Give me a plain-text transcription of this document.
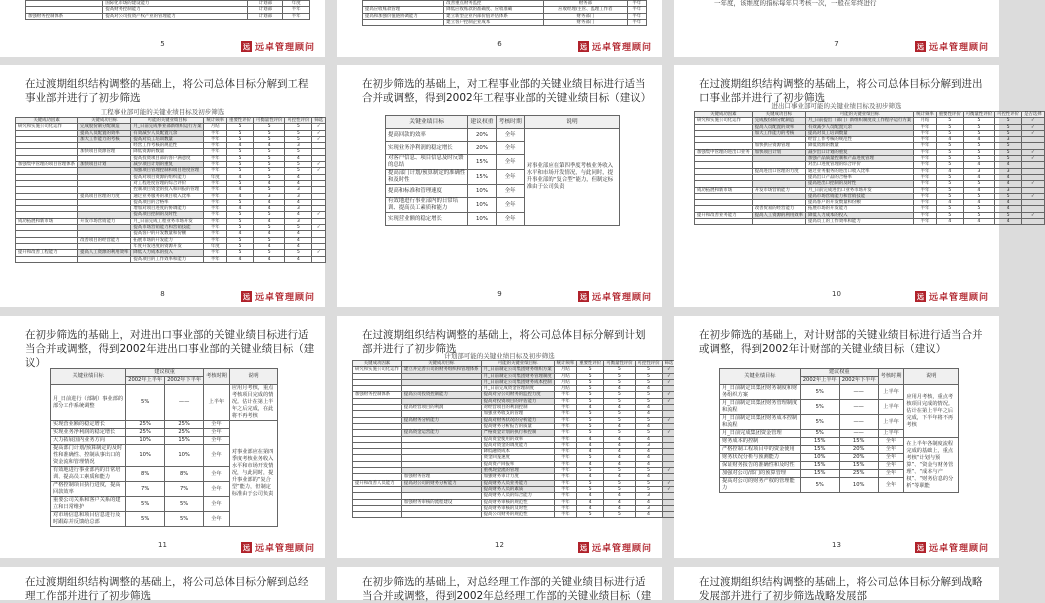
	国际化市场的建设能力	计划部	年度
	提高财务控制能力	计划部	半年
加强财务控制体系	提高对公司投资产权产业的管理能力	计划部	半年
5	远 远卓管理顾问
	改善重点财务监控	财务部	半年
提高应收账款管理	降低应收账款的准确度、应收准确	应收经理/主管、监理工作者	半年
提高和加强价值链协调能力	建立新型企业内部价值评估体系	财务部门	半年
	建立客户控制企业成本	财务部门	半年
6	远 远卓管理顾问
一年度，该维度的指标每年只考核一次，一般在年终进行
7	远 远卓管理顾问
在过渡期组织结构调整的基础上，将公司总体目标分解到工程事业部并进行了初步筛选
工程事业部可能的关键业绩目标及初步筛选
关键成功因素	关键成功目标	可能的关键业绩目标	统计频率	重要性评价	可衡量性评价	可控性评价	筛选
研究和实施公司化运作	完成股份制分配制造	月_日前完成事业部新组织运行方案	月结	5	5	5	✓
	提高人员配置的效率	有效减少人员配置冗余	半年	5	5	5	✓
	加大工作能力的考核	提高对员工培训数量	半年	5	5	5	✓
		经营工作考核的规范性	半年	4	4	3	
	加快项目资源管理	降低资源的数量	半年	5	5	5	
		提高投资项目部的客户满意度	半年	5	5	4	
加强集中管理的项目管理体系	加快项目计划	减少项目计划的重复	半年	5	5	5	✓
		加强项目管理控制和项目进度管理	半年	5	5	5	✓
		提高对项目资源的组织能力	年度	4	5	4	
		对工程进度管理的综合评价	半年	5	4	4	
		控制项目资金的投入和回报的管理	半年	4	5	3	
	提高项目管理的力度	通过业务服务的项目收入比率	半年	4	3	3	
		提高项目的合格率	半年	5	4	4	
		增加对项目进度的协调能力	半年	4	4	3	
		提高项目控制的及时性	半年	5	5	4	✓
成功拓展和新市场	开发市场营销能力	月_日前完成工程业务市场开发	半年	5	4	3	
		提高市场营销能力和营销技能	半年	5	5	5	✓
		提高客户的开发数量和份额	半年	4	4	4	
	改善项目的经营能力	拓展市场的开发能力	半年	5	5	4	
		年度开发进度的资源开发	年度	5	4	4	
提升和改善工程能力	提高人工资源的利用效率	降低人力成本的投入	半年	5	5	5	✓
		提高项目的工作效率和能力	半年	4	4	4	
8	远 远卓管理顾问
在初步筛选的基础上，对工程事业部的关键业绩目标进行适当合并或调整，得到2002年工程事业部的关键业绩目标（建议）
关键业绩目标	建议权重	考核时期	说明
提高回款的效率	20%	全年	对事业部应在第四季度考核业务收入水平和市场开发情况，与此同时，提升事业部的“复合型”能力，但制定标准由于公司负责
实现业务净利润的稳定增长	20%	全年	
对客户信息、项目信息及时反馈的总结	15%	全年	
提高部门计划/预算制定的准确性和及时性	15%	全年	
提高和标准和管理速度	10%	全年	
有效地进行事业部内的日常培训、提高员工素质和能力	10%	全年	
实现营业额的稳定增长	10%	全年	
9	远 远卓管理顾问
在过渡期组织结构调整的基础上，将公司总体目标分解到进出口事业部并进行了初步筛选
进出口事业部可能的关键业绩目标及初步筛选
关键成功因素	关键成功目标	可能的关键业绩目标	统计频率	重要性评价	可衡量性评价	可控性评价	是否选择
研究和实施公司化运作	完成股份制分配制造	月_日前提出（部门）新组织制度及工作程序运行方案	月结	5	5	5	✓
	提高人员配置的效率	有效减少人员配置冗余	半年	5	5	5	✓
	加大工作能力的考核	提高对员工培训数量	半年	5	5	5	✓
		经营工作考核的规范性	半年	4	4	3	
	加快供应资源管理	降低资源的数量	半年	5	5	5	
加强集中管理的进出口业务	加快项目计划	减少出口计划的重复	半年	5	5	5	✓
		加强产品质量控制和产品进度管理	半年	5	5	5	✓
		对出口进度管理的综合评价	半年	5	4	4	
	提高进出口管理的力度	通过业务服务的进出口收入比率	半年	4	3	3	
		提高出口产品的合格率	半年	5	4	4	
		提高进出口控制的及时性	半年	5	5	4	✓
成功拓展和新市场	开发市场营销能力	月_日前完成进出口业务市场开发	半年	5	4	3	
		提高市场营销能力和营销技能	半年	5	5	5	✓
		提高客户的开发数量和份额	半年	4	4	4	
	改善贸易的经营能力	拓展市场的开发能力	半年	5	5	4	
提升和改善业务能力	提高人工资源的利用效率	降低人力成本的投入	半年	5	5	5	✓
		提高员工的工作效率和能力	半年	4	4	4	
10	远 远卓管理顾问
在初步筛选的基础上，对进出口事业部的关键业绩目标进行适当合并或调整，得到2002年进出口事业部的关键业绩目标（建议）
关键业绩目标	建议权重		考核时期	说明
	2002年上半年	2002年下半年		
月_日前进行（部制）事业部的部分工作系统调整	5%	——	上半年	应用月考核，重点考核项目完成的情况。估计在第上半年之后完成，在此将不再考核
实现营业额的稳定增长	25%	25%	全年	对事业部应在第四季度考核业务收入水平和市场开发情况，与此同时，提升事业部的“复合型”能力，但制定标准由于公司负责
实现业务净利润的稳定增长	25%	25%	全年	
大力拓展国内业务方向	10%	15%	全年	
提高部门计划/预算制定的及时性和准确性、控制从事出口的资金流和管理情况	10%	10%	全年	
有效地进行事业部内的日常培训、提高员工素质和能力	8%	8%	全年	
严格控制项目执行进度，提高回款效率	7%	7%	全年	
重要公司关系和客户关系的建立和日常维护	5%	5%	全年	
对市场信息和项目信息进行及时跟踪并反馈给总部	5%	5%	全年	
11	远 远卓管理顾问
在过渡期组织结构调整的基础上，将公司总体目标分解到计划部并进行了初步筛选
计划部可能的关键业绩目标及初步筛选
关键成功因素	关键成功目标	可能的关键业绩目标	统计频率	重要性评价	可衡量性评价	可控性评价	筛选
研究和实施公司化运作	建立并完善公司的财务组织和管理体系	月_日前制定公司集团财务组织方案	月结	5	5	5	✓
		月_日前制定公司集团财务管理制度	月结	5	5	5	✓
		月_日前制定公司集团财务成本控制	月结	5	5	5	✓
		月_日前完成资金管理制度	月结	5	4	4	
加强财务控制体系	提高公司投资控制能力	提高对分公司财务的监控力度	半年	5	5	5	✓
		提高对投资项目的评估能力	半年	5	5	5	✓
	提高经营项目的利润	对经营项目的利润控制	半年	4	4	4	
		加强业务收支的管理	半年	5	5	4	
	提高财务分析能力	提高对财务状况的分析能力	半年	5	5	5	✓
		提高财务分析报告的质量	半年	5	4	4	
	提高资金运营能力	严格资金计划的执行和控制	半年	5	5	5	✓
		提高资金使用的效率	半年	4	4	4	
		提高对资金的调度能力	半年	4	4	3	
		降低融资成本	半年	4	4	4	
		资金回笼速度	半年	5	4	4	
		提高资产回报率	半年	4	4	4	
		重视现金流的管理	半年	5	5	5	✓
	加强财务管理	加强财务审计力度	半年	4	4	4	
提升和改善人员能力	提高对公司的财务分析能力	提高财务人员业务能力	半年	5	5	5	✓
		提高财务人员的素质	半年	5	5	5	✓
		提高财务人员的综合能力	半年	4	4	3	
	加强财务审核的流程建设	提高财务审核的规范性	半年	4	4	4	
		提高财务审核的及时性	半年	4	4	3	
		提高公司财务的规范性	半年	5	5	4	
12	远 远卓管理顾问
在初步筛选的基础上，对计财部的关键业绩目标进行适当合并或调整，得到2002年计财部的关键业绩目标（建议）
关键业绩目标	建议权重		考核时期	说明
	2002年上半年	2002年下半年		
月_日前制定出集团财务制度和财务组织方案	5%	——	上半年	应用月考核，重点考核项目完成的情况。估计在第上半年之后完成，下半年将不再考核
月_日前制定出集团财务管理制度和流程	5%	——	上半年	
月_日前制定出集团财务成本控制和流程	5%	——	上半年	
月_日前完成集团资金管理	5%	——	上半年	
财务成本的控制	15%	15%	全年	在上半年各制度流程完成的基础上，重点考核“计划与预算”、“资金与财务管理”、“成本与产权”、“财务信息的分析”等职能
严格控制工程项目中的资金使用	15%	20%	全年	
财务状况分析与预测能力	10%	20%	全年	
保证财务报告的准确性和及时性	15%	15%	全年	
加强对公司/部门的预算管理	15%	25%	全年	
提高对公司的财务产权的管理能力	5%	10%	全年	
13	远 远卓管理顾问
在过渡期组织结构调整的基础上，将公司总体目标分解到总经理工作部并进行了初步筛选
在初步筛选的基础上，对总经理工作部的关键业绩目标进行适当合并或调整，得到2002年总经理工作部的关键业绩目标（建
在过渡期组织结构调整的基础上，将公司总体目标分解到战略发展部并进行了初步筛选战略发展部
